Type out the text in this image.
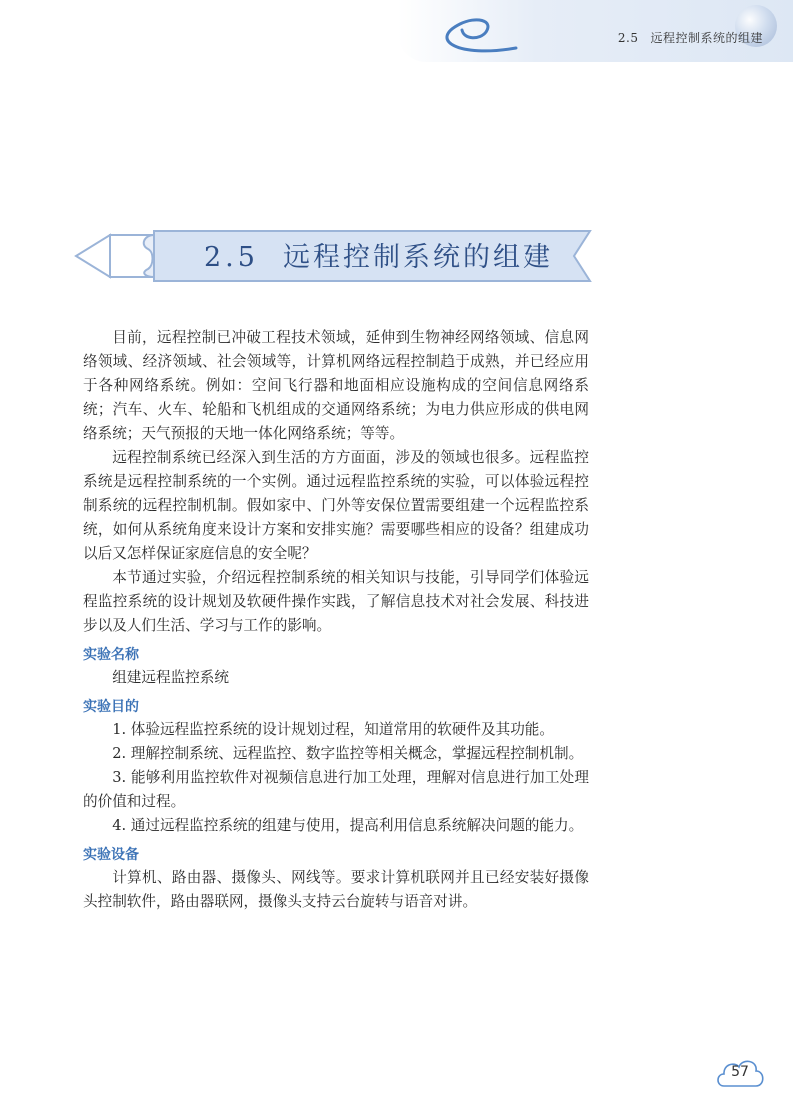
2.5 远程控制系统的组建
2.5 远程控制系统的组建

目前，远程控制已冲破工程技术领域，延伸到生物神经网络领域、信息网络领域、经济领域、社会领域等，计算机网络远程控制趋于成熟，并已经应用于各种网络系统。例如：空间飞行器和地面相应设施构成的空间信息网络系统；汽车、火车、轮船和飞机组成的交通网络系统；为电力供应形成的供电网络系统；天气预报的天地一体化网络系统；等等。

远程控制系统已经深入到生活的方方面面，涉及的领域也很多。远程监控系统是远程控制系统的一个实例。通过远程监控系统的实验，可以体验远程控制系统的远程控制机制。假如家中、门外等安保位置需要组建一个远程监控系统，如何从系统角度来设计方案和安排实施？需要哪些相应的设备？组建成功以后又怎样保证家庭信息的安全呢？

本节通过实验，介绍远程控制系统的相关知识与技能，引导同学们体验远程监控系统的设计规划及软硬件操作实践，了解信息技术对社会发展、科技进步以及人们生活、学习与工作的影响。

实验名称

组建远程监控系统

实验目的

1. 体验远程监控系统的设计规划过程，知道常用的软硬件及其功能。

2. 理解控制系统、远程监控、数字监控等相关概念，掌握远程控制机制。

3. 能够利用监控软件对视频信息进行加工处理，理解对信息进行加工处理的价值和过程。

4. 通过远程监控系统的组建与使用，提高利用信息系统解决问题的能力。

实验设备

计算机、路由器、摄像头、网线等。要求计算机联网并且已经安装好摄像头控制软件，路由器联网，摄像头支持云台旋转与语音对讲。

57
